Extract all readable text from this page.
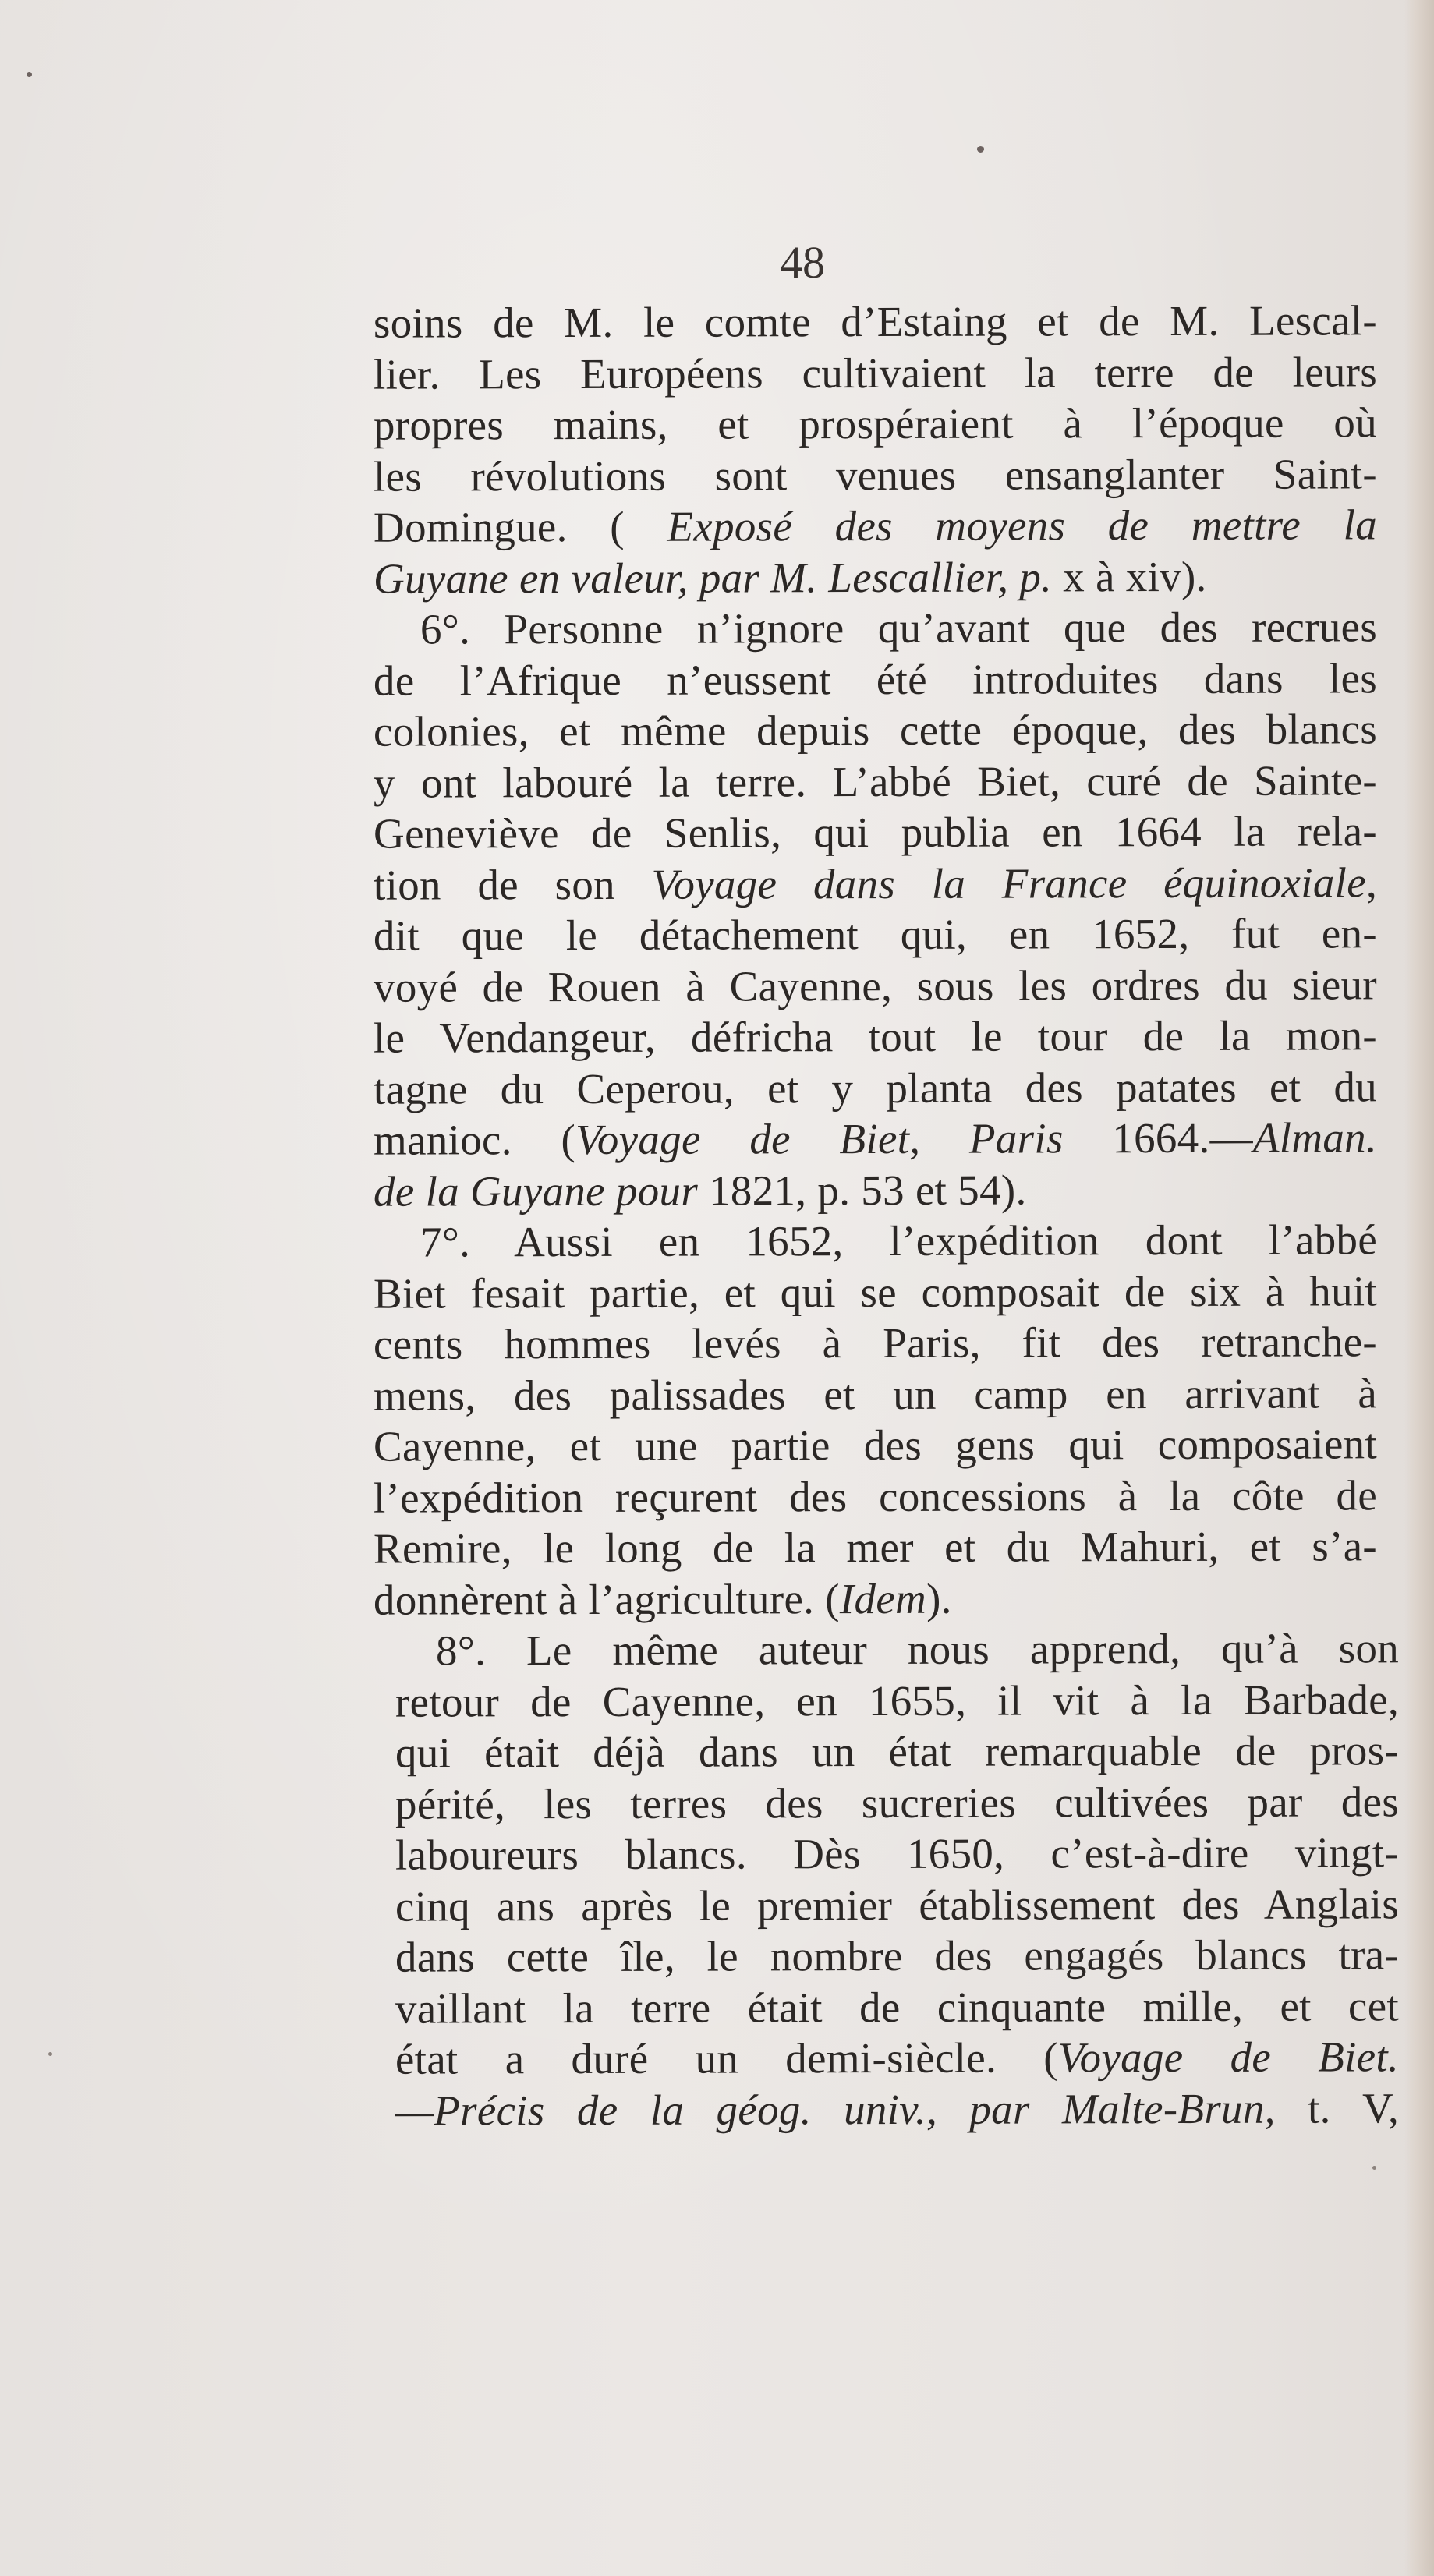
48
soins de M. le comte d’Estaing et de M. Lescal-
lier. Les Européens cultivaient la terre de leurs
propres mains, et prospéraient à l’époque où
les révolutions sont venues ensanglanter Saint-
Domingue. ( Exposé des moyens de mettre la
Guyane en valeur, par M. Lescallier, p. x à xiv).
6°. Personne n’ignore qu’avant que des recrues
de l’Afrique n’eussent été introduites dans les
colonies, et même depuis cette époque, des blancs
y ont labouré la terre. L’abbé Biet, curé de Sainte-
Geneviève de Senlis, qui publia en 1664 la rela-
tion de son Voyage dans la France équinoxiale,
dit que le détachement qui, en 1652, fut en-
voyé de Rouen à Cayenne, sous les ordres du sieur
le Vendangeur, défricha tout le tour de la mon-
tagne du Ceperou, et y planta des patates et du
manioc. (Voyage de Biet, Paris 1664.—Alman.
de la Guyane pour 1821, p. 53 et 54).
7°. Aussi en 1652, l’expédition dont l’abbé
Biet fesait partie, et qui se composait de six à huit
cents hommes levés à Paris, fit des retranche-
mens, des palissades et un camp en arrivant à
Cayenne, et une partie des gens qui composaient
l’expédition reçurent des concessions à la côte de
Remire, le long de la mer et du Mahuri, et s’a-
donnèrent à l’agriculture. (Idem).
8°. Le même auteur nous apprend, qu’à son
retour de Cayenne, en 1655, il vit à la Barbade,
qui était déjà dans un état remarquable de pros-
périté, les terres des sucreries cultivées par des
laboureurs blancs. Dès 1650, c’est-à-dire vingt-
cinq ans après le premier établissement des Anglais
dans cette île, le nombre des engagés blancs tra-
vaillant la terre était de cinquante mille, et cet
état a duré un demi-siècle. (Voyage de Biet.
—Précis de la géog. univ., par Malte-Brun, t. V,
